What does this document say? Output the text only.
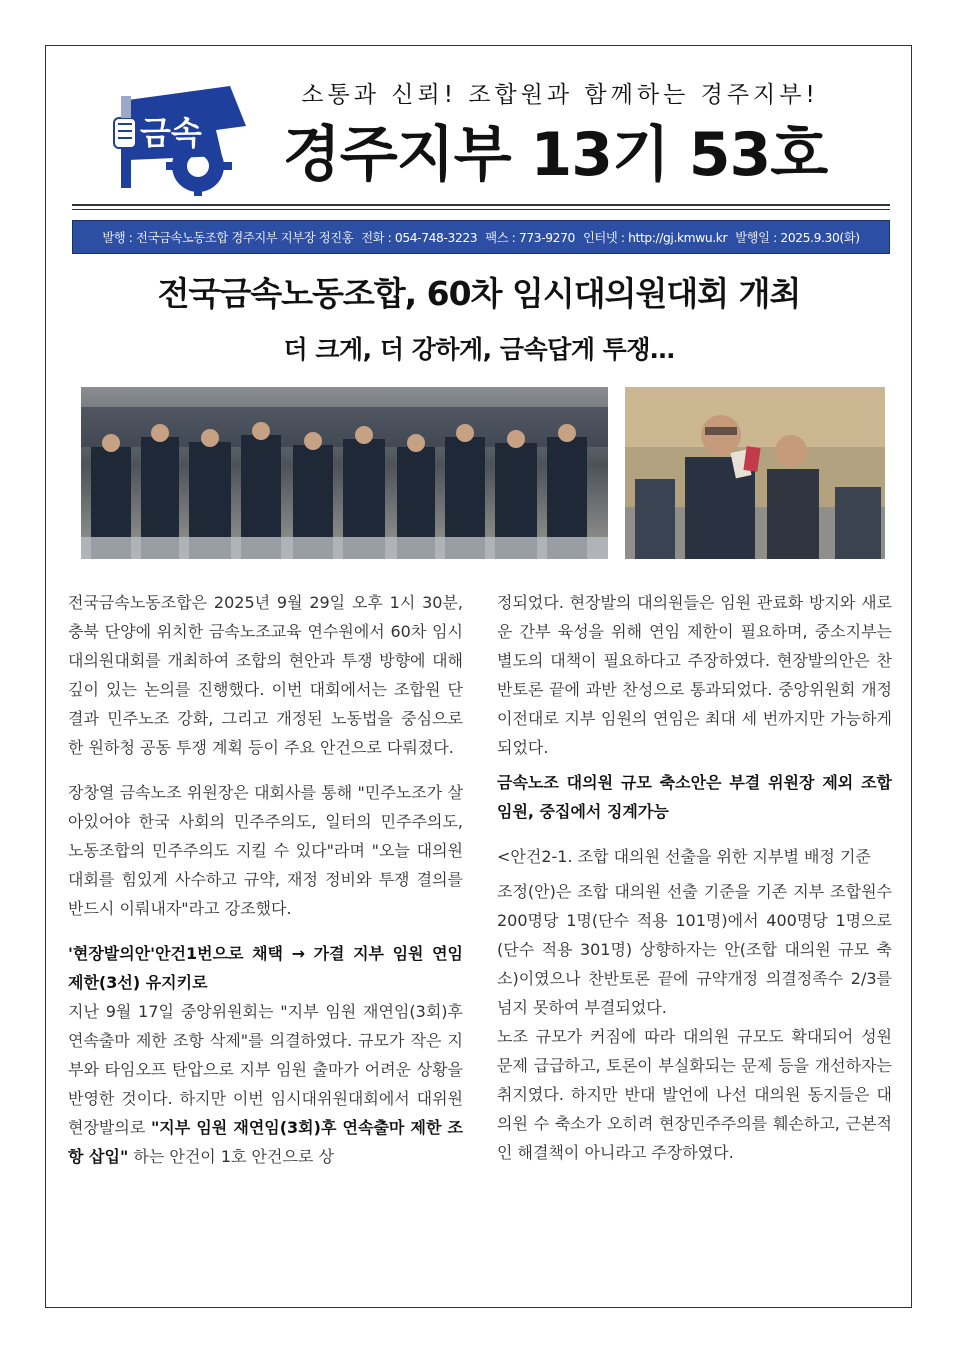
금속
소통과 신뢰! 조합원과 함께하는 경주지부!
경주지부 13기 53호
발행 : 전국금속노동조합 경주지부 지부장 정진홍 전화 : 054-748-3223 팩스 : 773-9270 인터넷 : http://gj.kmwu.kr 발행일 : 2025.9.30(화)
전국금속노동조합, 60차 임시대의원대회 개최
더 크게, 더 강하게, 금속답게 투쟁…

전국금속노동조합은 2025년 9월 29일 오후 1시 30분, 충북 단양에 위치한 금속노조교육 연수원에서 60차 임시대의원대회를 개최하여 조합의 현안과 투쟁 방향에 대해 깊이 있는 논의를 진행했다. 이번 대회에서는 조합원 단결과 민주노조 강화, 그리고 개정된 노동법을 중심으로 한 원하청 공동 투쟁 계획 등이 주요 안건으로 다뤄졌다.

장창열 금속노조 위원장은 대회사를 통해 "민주노조가 살아있어야 한국 사회의 민주주의도, 일터의 민주주의도, 노동조합의 민주주의도 지킬 수 있다"라며 "오늘 대의원대회를 힘있게 사수하고 규약, 재정 정비와 투쟁 결의를 반드시 이뤄내자"라고 강조했다.

'현장발의안'안건1번으로 채택 → 가결 지부 임원 연임 제한(3선) 유지키로

지난 9월 17일 중앙위원회는 "지부 임원 재연임(3회)후 연속출마 제한 조항 삭제"를 의결하였다. 규모가 작은 지부와 타임오프 탄압으로 지부 임원 출마가 어려운 상황을 반영한 것이다. 하지만 이번 임시대위원대회에서 대위원 현장발의로 "지부 임원 재연임(3회)후 연속출마 제한 조항 삽입" 하는 안건이 1호 안건으로 상

정되었다. 현장발의 대의원들은 임원 관료화 방지와 새로운 간부 육성을 위해 연임 제한이 필요하며, 중소지부는 별도의 대책이 필요하다고 주장하였다. 현장발의안은 찬반토론 끝에 과반 찬성으로 통과되었다. 중앙위원회 개정 이전대로 지부 임원의 연임은 최대 세 번까지만 가능하게 되었다.

금속노조 대의원 규모 축소안은 부결 위원장 제외 조합 임원, 중집에서 징계가능

<안건2-1. 조합 대의원 선출을 위한 지부별 배정 기준

조정(안)은 조합 대의원 선출 기준을 기존 지부 조합원수 200명당 1명(단수 적용 101명)에서 400명당 1명으로(단수 적용 301명) 상향하자는 안(조합 대의원 규모 축소)이였으나 찬반토론 끝에 규약개정 의결정족수 2/3를 넘지 못하여 부결되었다.

노조 규모가 커짐에 따라 대의원 규모도 확대되어 성원 문제 급급하고, 토론이 부실화되는 문제 등을 개선하자는 취지였다. 하지만 반대 발언에 나선 대의원 동지들은 대의원 수 축소가 오히려 현장민주주의를 훼손하고, 근본적인 해결책이 아니라고 주장하였다.
